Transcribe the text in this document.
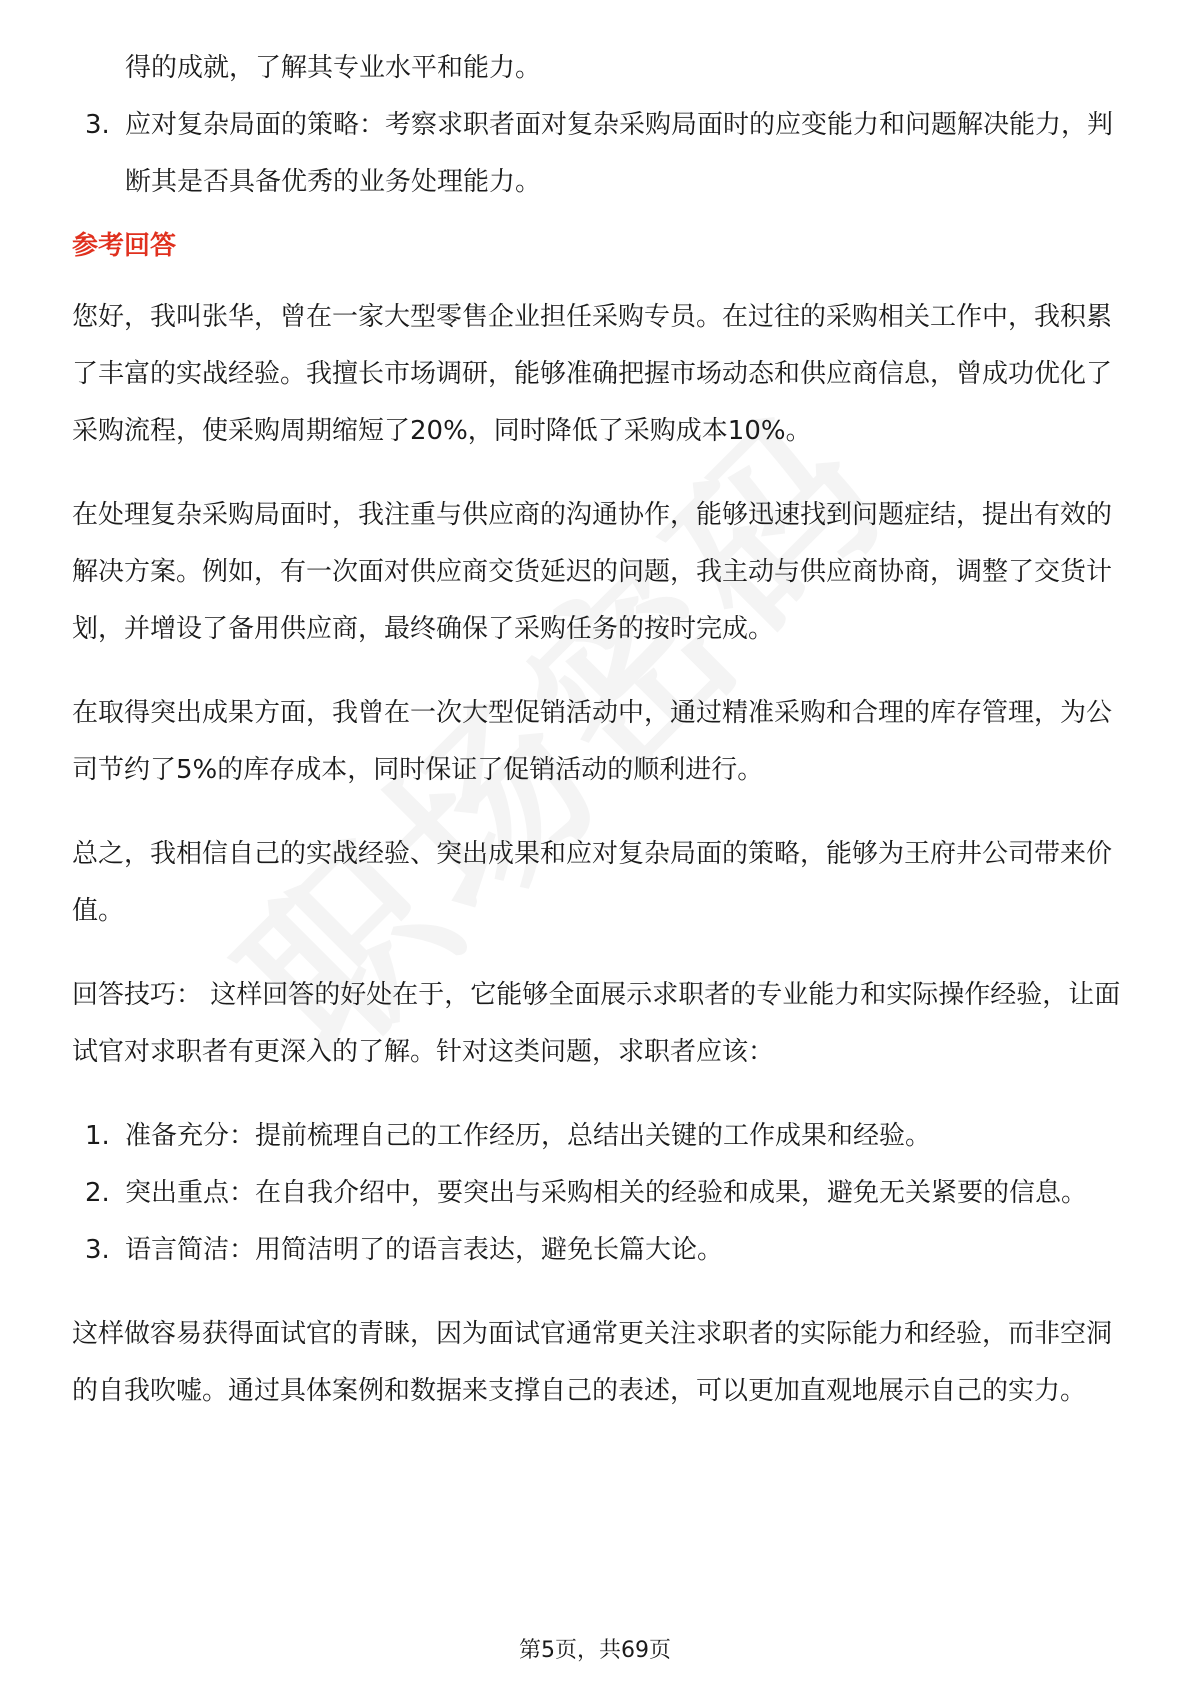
得的成就，了解其专业水平和能力。
3. 应对复杂局面的策略：考察求职者面对复杂采购局面时的应变能力和问题解决能力，判断其是否具备优秀的业务处理能力。
参考回答

您好，我叫张华，曾在一家大型零售企业担任采购专员。在过往的采购相关工作中，我积累了丰富的实战经验。我擅长市场调研，能够准确把握市场动态和供应商信息，曾成功优化了采购流程，使采购周期缩短了20%，同时降低了采购成本10%。

在处理复杂采购局面时，我注重与供应商的沟通协作，能够迅速找到问题症结，提出有效的解决方案。例如，有一次面对供应商交货延迟的问题，我主动与供应商协商，调整了交货计划，并增设了备用供应商，最终确保了采购任务的按时完成。

在取得突出成果方面，我曾在一次大型促销活动中，通过精准采购和合理的库存管理，为公司节约了5%的库存成本，同时保证了促销活动的顺利进行。

总之，我相信自己的实战经验、突出成果和应对复杂局面的策略，能够为王府井公司带来价值。

回答技巧： 这样回答的好处在于，它能够全面展示求职者的专业能力和实际操作经验，让面试官对求职者有更深入的了解。针对这类问题，求职者应该：

1. 准备充分：提前梳理自己的工作经历，总结出关键的工作成果和经验。
2. 突出重点：在自我介绍中，要突出与采购相关的经验和成果，避免无关紧要的信息。
3. 语言简洁：用简洁明了的语言表达，避免长篇大论。

这样做容易获得面试官的青睐，因为面试官通常更关注求职者的实际能力和经验，而非空洞的自我吹嘘。通过具体案例和数据来支撑自己的表述，可以更加直观地展示自己的实力。

第5页，共69页
